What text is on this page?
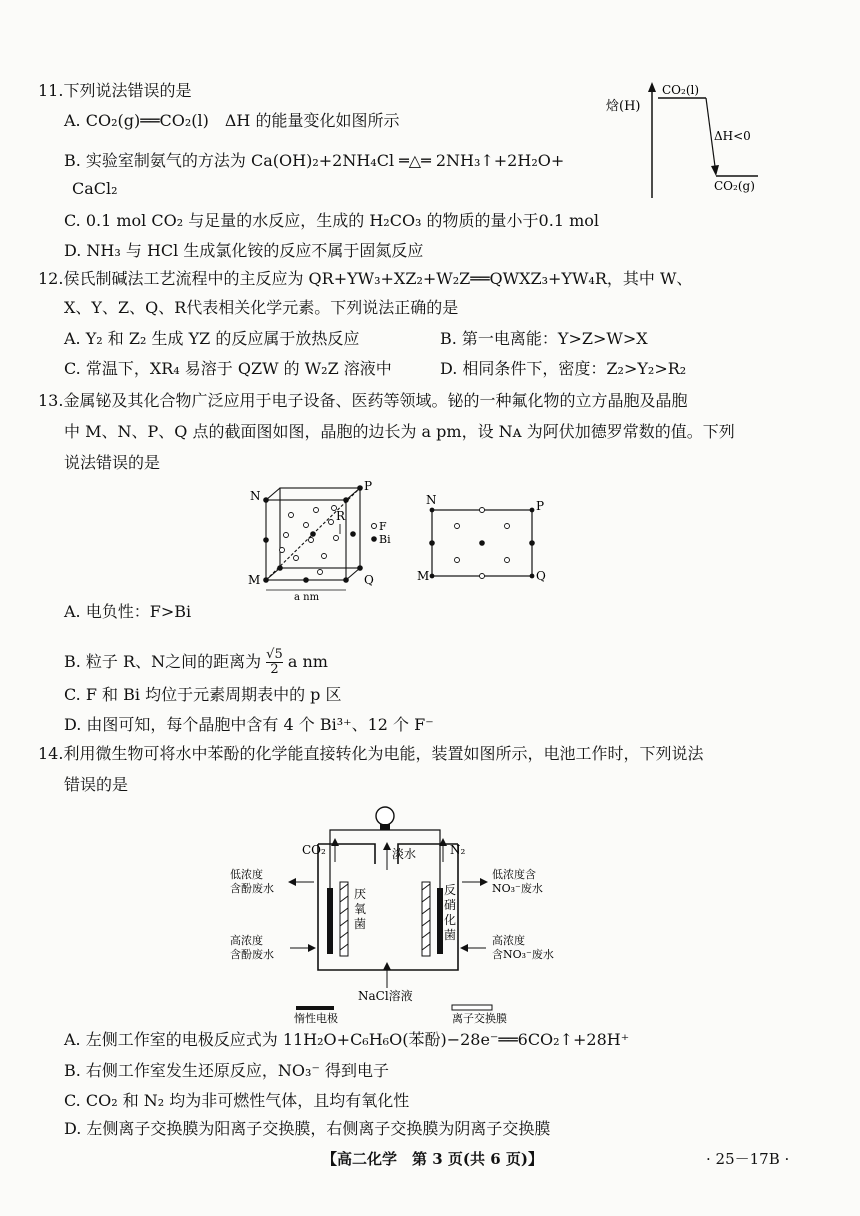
11.下列说法错误的是
A. CO₂(g)══CO₂(l)　ΔH 的能量变化如图所示
B. 实验室制氨气的方法为 Ca(OH)₂+2NH₄Cl ═△═ 2NH₃↑+2H₂O+
CaCl₂
C. 0.1 mol CO₂ 与足量的水反应，生成的 H₂CO₃ 的物质的量小于0.1 mol
D. NH₃ 与 HCl 生成氯化铵的反应不属于固氮反应
焓(H)
CO₂(l)
CO₂(g)
ΔH<0
12.侯氏制碱法工艺流程中的主反应为 QR+YW₃+XZ₂+W₂Z══QWXZ₃+YW₄R，其中 W、
X、Y、Z、Q、R代表相关化学元素。下列说法正确的是
A. Y₂ 和 Z₂ 生成 YZ 的反应属于放热反应	B. 第一电离能：Y>Z>W>X
C. 常温下，XR₄ 易溶于 QZW 的 W₂Z 溶液中	D. 相同条件下，密度：Z₂>Y₂>R₂
13.金属铋及其化合物广泛应用于电子设备、医药等领域。铋的一种氟化物的立方晶胞及晶胞
中 M、N、P、Q 点的截面图如图，晶胞的边长为 a pm，设 Nᴀ 为阿伏加德罗常数的值。下列
说法错误的是
N
P
M	Q
R
a nm
F
Bi
N	P
M	Q
A. 电负性：F>Bi
B. 粒子 R、N之间的距离为 $\frac{√5}{2}$ a nm
C. F 和 Bi 均位于元素周期表中的 p 区
D. 由图可知，每个晶胞中含有 4 个 Bi³⁺、12 个 F⁻
14.利用微生物可将水中苯酚的化学能直接转化为电能，装置如图所示，电池工作时，下列说法
错误的是
CO₂	淡水	N₂
NaCl溶液
低浓度
含酚废水
高浓度
含酚废水
低浓度含
NO₃⁻废水
高浓度
含NO₃⁻废水
厌
氧
菌
反
硝
化
菌
惰性电极	离子交换膜
A. 左侧工作室的电极反应式为 11H₂O+C₆H₆O(苯酚)−28e⁻══6CO₂↑+28H⁺
B. 右侧工作室发生还原反应，NO₃⁻ 得到电子
C. CO₂ 和 N₂ 均为非可燃性气体，且均有氧化性
D. 左侧离子交换膜为阳离子交换膜，右侧离子交换膜为阴离子交换膜
【高二化学　第 3 页(共 6 页)】	· 25－17B ·
